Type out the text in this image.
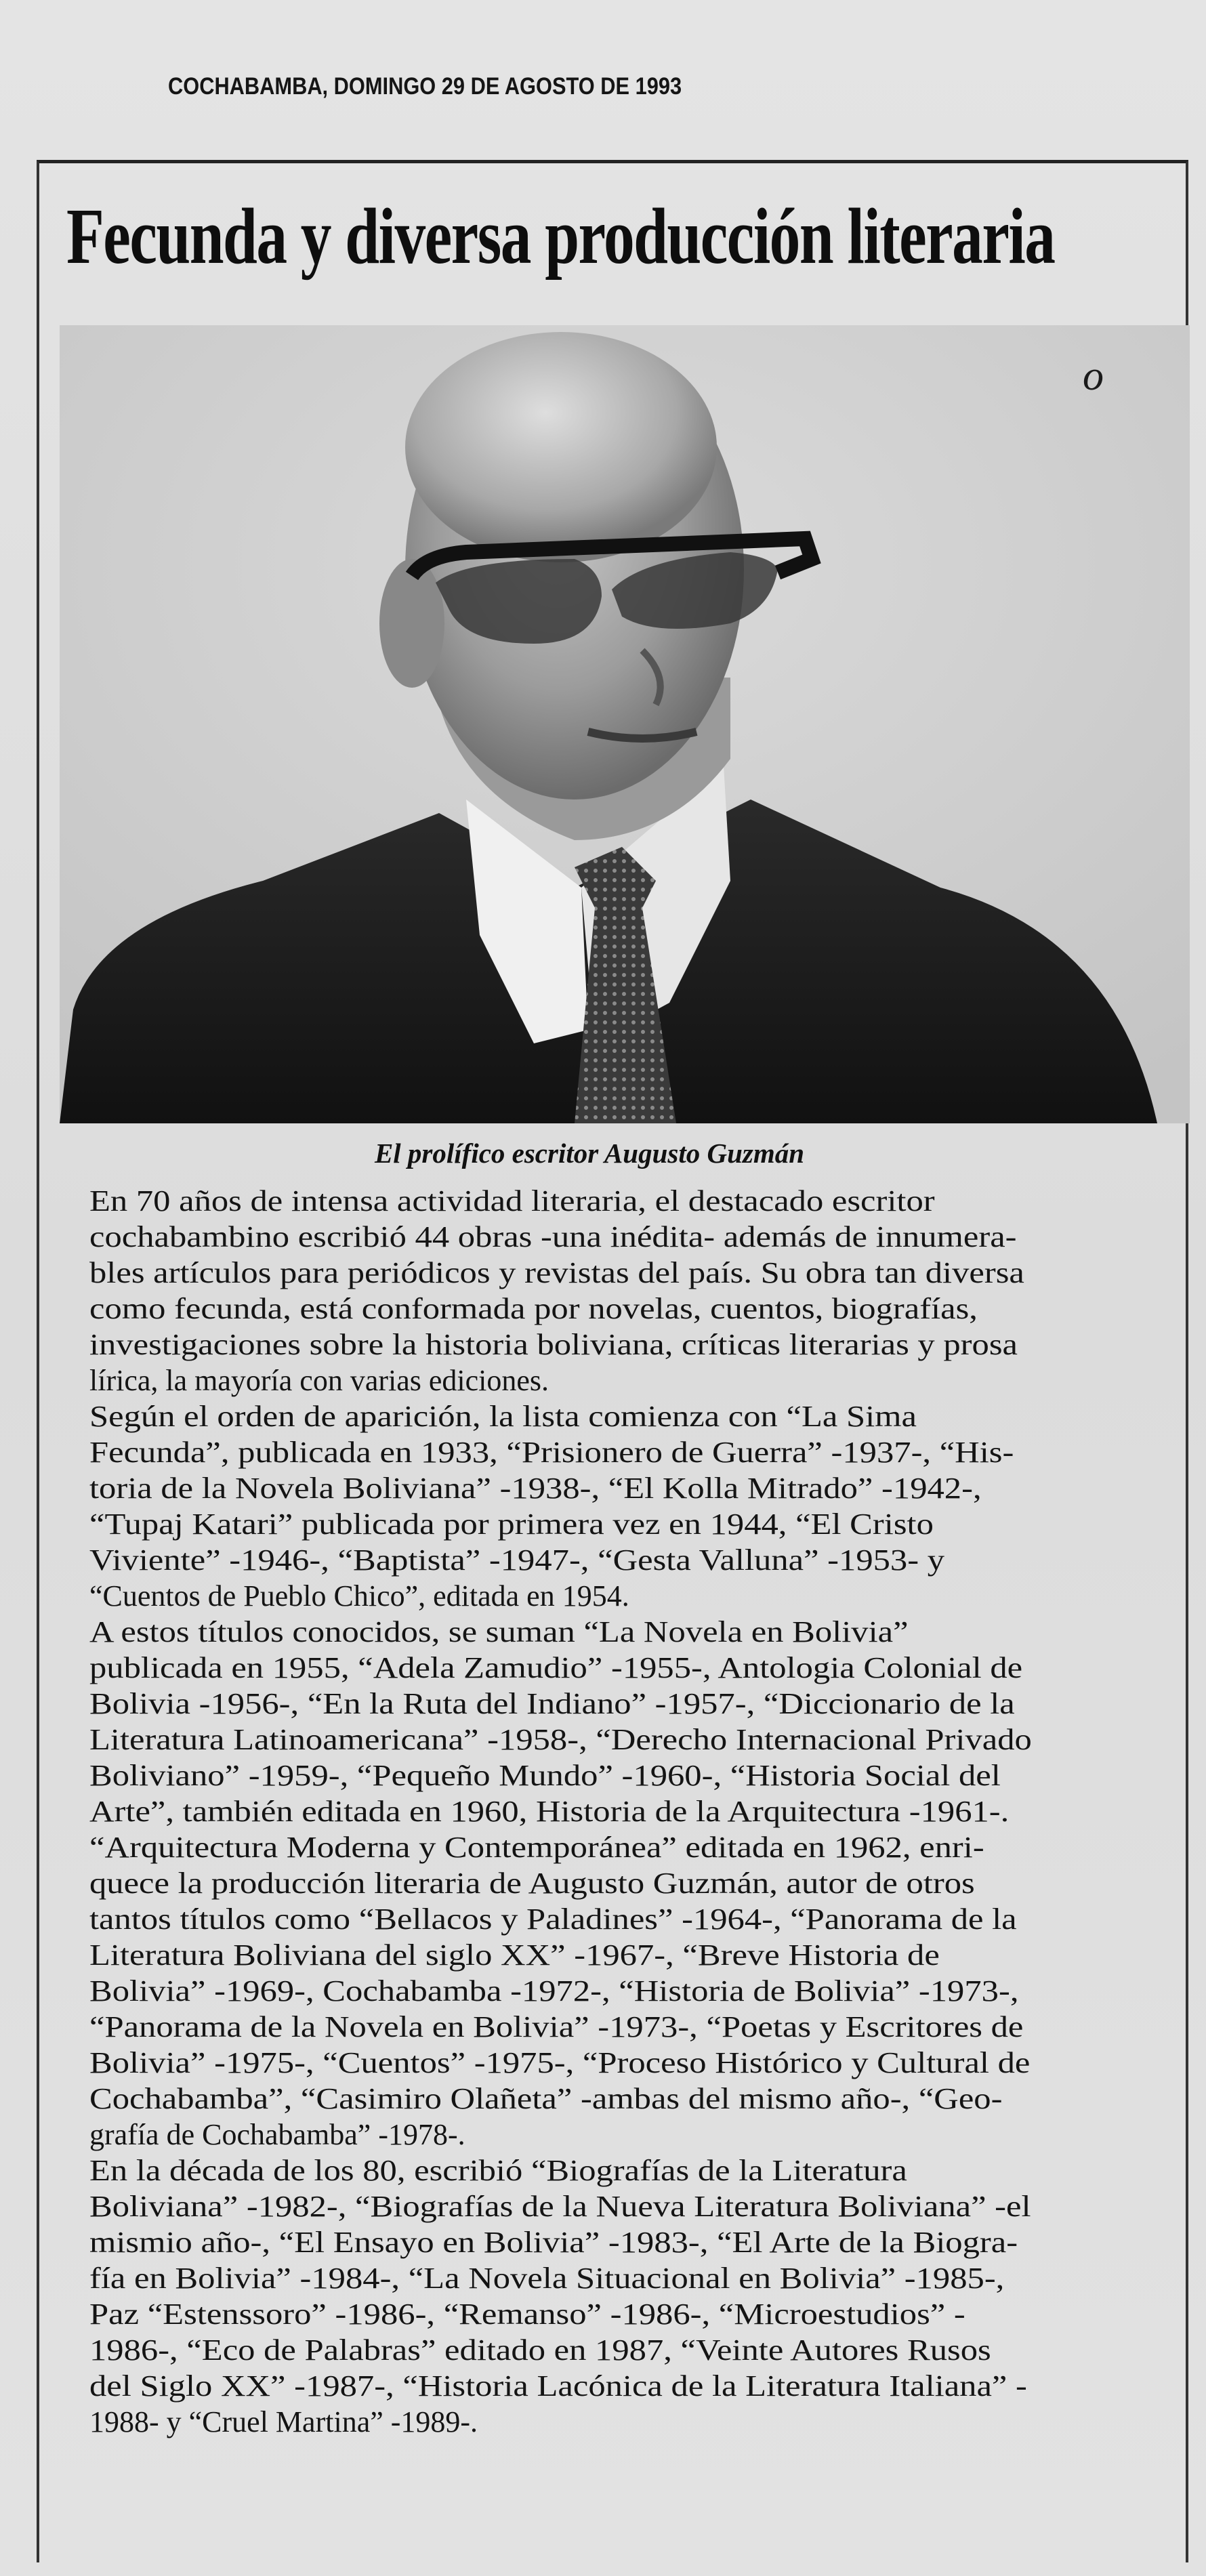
COCHABAMBA, DOMINGO 29 DE AGOSTO DE 1993
Fecunda y diversa producción literaria
o
El prolífico escritor Augusto Guzmán
En 70 años de intensa actividad literaria, el destacado escritor
cochabambino escribió 44 obras -una inédita- además de innumera-
bles artículos para periódicos y revistas del país. Su obra tan diversa
como fecunda, está conformada por novelas, cuentos, biografías,
investigaciones sobre la historia boliviana, críticas literarias y prosa
lírica, la mayoría con varias ediciones.
Según el orden de aparición, la lista comienza con “La Sima
Fecunda”, publicada en 1933, “Prisionero de Guerra” -1937-, “His-
toria de la Novela Boliviana” -1938-, “El Kolla Mitrado” -1942-,
“Tupaj Katari” publicada por primera vez en 1944, “El Cristo
Viviente” -1946-, “Baptista” -1947-, “Gesta Valluna” -1953- y
“Cuentos de Pueblo Chico”, editada en 1954.
A estos títulos conocidos, se suman “La Novela en Bolivia”
publicada en 1955, “Adela Zamudio” -1955-, Antologia Colonial de
Bolivia -1956-, “En la Ruta del Indiano” -1957-, “Diccionario de la
Literatura Latinoamericana” -1958-, “Derecho Internacional Privado
Boliviano” -1959-, “Pequeño Mundo” -1960-, “Historia Social del
Arte”, también editada en 1960, Historia de la Arquitectura -1961-.
“Arquitectura Moderna y Contemporánea” editada en 1962, enri-
quece la producción literaria de Augusto Guzmán, autor de otros
tantos títulos como “Bellacos y Paladines” -1964-, “Panorama de la
Literatura Boliviana del siglo XX” -1967-, “Breve Historia de
Bolivia” -1969-, Cochabamba -1972-, “Historia de Bolivia” -1973-,
“Panorama de la Novela en Bolivia” -1973-, “Poetas y Escritores de
Bolivia” -1975-, “Cuentos” -1975-, “Proceso Histórico y Cultural de
Cochabamba”, “Casimiro Olañeta” -ambas del mismo año-, “Geo-
grafía de Cochabamba” -1978-.
En la década de los 80, escribió “Biografías de la Literatura
Boliviana” -1982-, “Biografías de la Nueva Literatura Boliviana” -el
mismio año-, “El Ensayo en Bolivia” -1983-, “El Arte de la Biogra-
fía en Bolivia” -1984-, “La Novela Situacional en Bolivia” -1985-,
Paz “Estenssoro” -1986-, “Remanso” -1986-, “Microestudios” -
1986-, “Eco de Palabras” editado en 1987, “Veinte Autores Rusos
del Siglo XX” -1987-, “Historia Lacónica de la Literatura Italiana” -
1988- y “Cruel Martina” -1989-.
